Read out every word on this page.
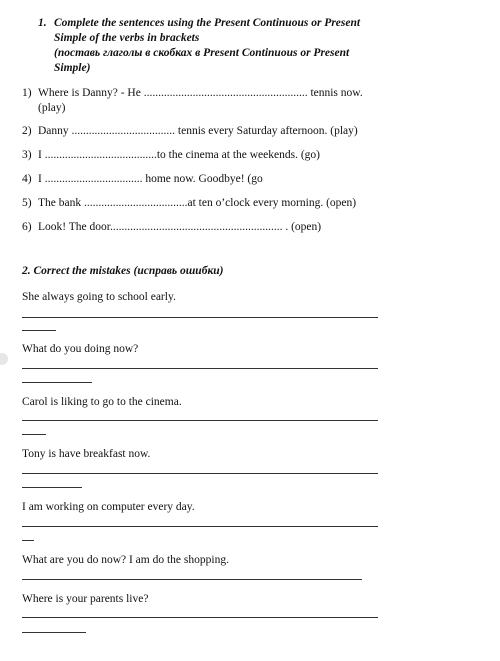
1. Complete the sentences using the Present Continuous or Present
Simple of the verbs in brackets
(поставь глаголы в скобках в Present Continuous or Present
Simple)
1) Where is Danny? - He ......................................................... tennis now.
(play)
2) Danny .................................... tennis every Saturday afternoon. (play)
3) I .......................................to the cinema at the weekends. (go)
4) I .................................. home now. Goodbye! (go
5) The bank ....................................at ten o’clock every morning. (open)
6) Look! The door............................................................ . (open)
2. Correct the mistakes (исправь ошибки)
She always going to school early.
What do you doing now?
Carol is liking to go to the cinema.
Tony is have breakfast now.
I am working on computer every day.
What are you do now? I am do the shopping.
Where is your parents live?
